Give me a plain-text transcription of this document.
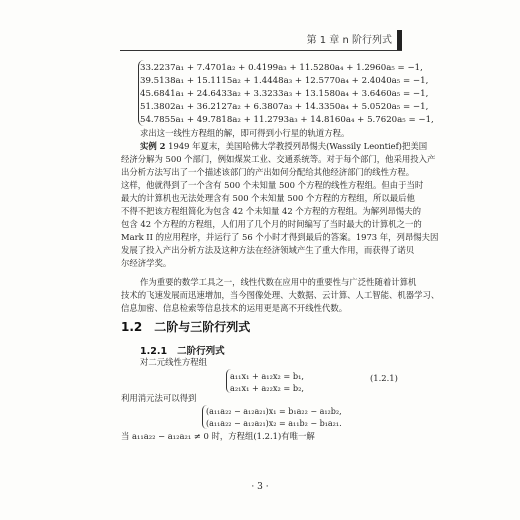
第 1 章 n 阶行列式
33.2237a₁ + 7.4701a₂ + 0.4199a₃ + 11.5280a₄ + 1.2960a₅ = −1,
39.5138a₁ + 15.1115a₂ + 1.4448a₃ + 12.5770a₄ + 2.4040a₅ = −1,
45.6841a₁ + 24.6433a₂ + 3.3233a₃ + 13.1580a₄ + 3.6460a₅ = −1,
51.3802a₁ + 36.2127a₂ + 6.3807a₃ + 14.3350a₄ + 5.0520a₅ = −1,
54.7855a₁ + 49.7818a₂ + 11.2793a₃ + 14.8160a₄ + 5.7620a₅ = −1,
求出这一线性方程组的解，即可得到小行星的轨道方程。
实例 2 1949 年夏末，美国哈佛大学教授列昂惕夫(Wassily Leontief)把美国
经济分解为 500 个部门，例如煤炭工业、交通系统等。对于每个部门，他采用投入产
出分析方法写出了一个描述该部门的产出如何分配给其他经济部门的线性方程。
这样，他就得到了一个含有 500 个未知量 500 个方程的线性方程组。但由于当时
最大的计算机也无法处理含有 500 个未知量 500 个方程的方程组，所以最后他
不得不把该方程组简化为包含 42 个未知量 42 个方程的方程组。为解列昂惕夫的
包含 42 个方程的方程组，人们用了几个月的时间编写了当时最大的计算机之一的
Mark II 的应用程序，并运行了 56 个小时才得到最后的答案。1973 年，列昂惕夫因
发展了投入产出分析方法及这种方法在经济领域产生了重大作用，而获得了诺贝
尔经济学奖。
作为重要的数学工具之一，线性代数在应用中的重要性与广泛性随着计算机
技术的飞速发展而迅速增加，当今图像处理、大数据、云计算、人工智能、机器学习、
信息加密、信息检索等信息技术的运用更是离不开线性代数。
1.2 二阶与三阶行列式
1.2.1 二阶行列式
对二元线性方程组
a₁₁x₁ + a₁₂x₂ = b₁,
a₂₁x₁ + a₂₂x₂ = b₂,
(1.2.1)
利用消元法可以得到
(a₁₁a₂₂ − a₁₂a₂₁)x₁ = b₁a₂₂ − a₁₂b₂,
(a₁₁a₂₂ − a₁₂a₂₁)x₂ = a₁₁b₂ − b₁a₂₁.
当 a₁₁a₂₂ − a₁₂a₂₁ ≠ 0 时，方程组(1.2.1)有唯一解
· 3 ·
